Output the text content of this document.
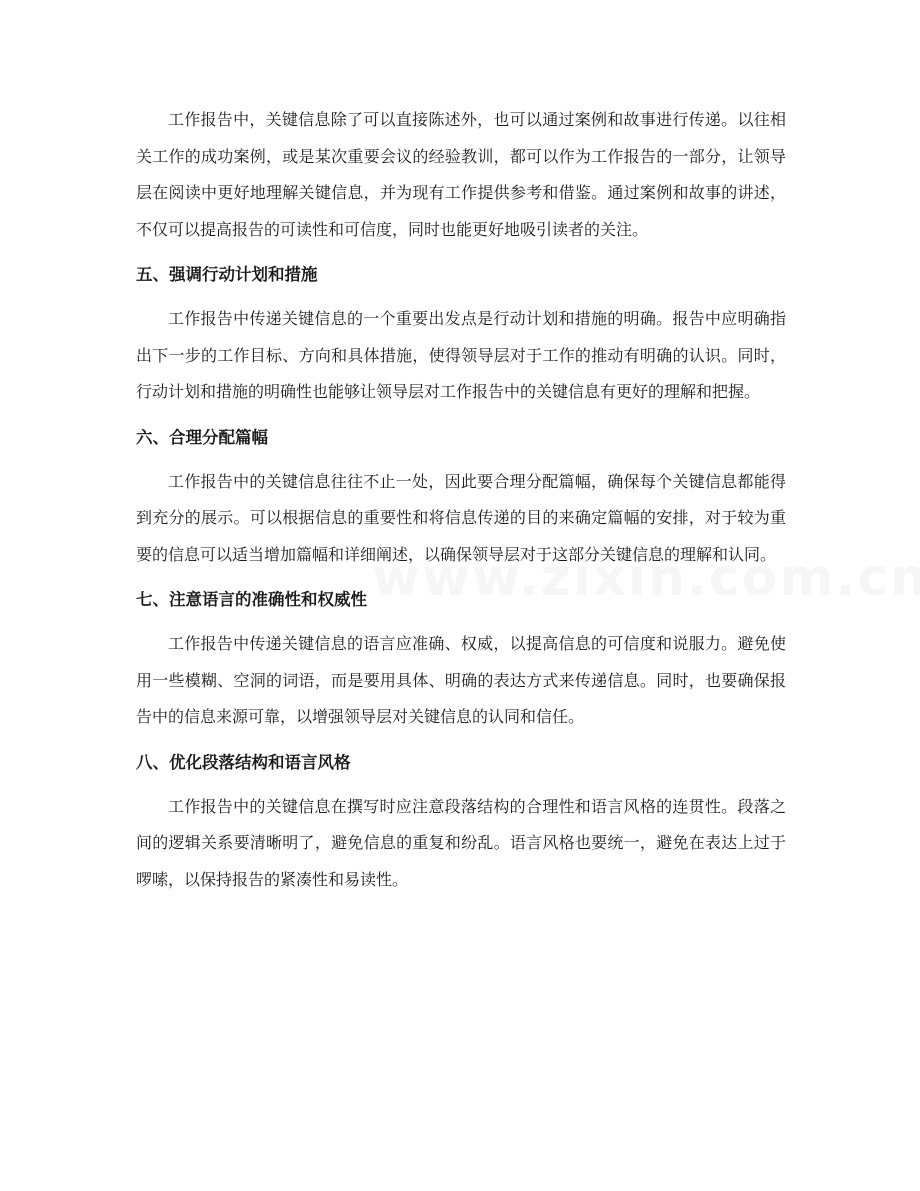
工作报告中，关键信息除了可以直接陈述外，也可以通过案例和故事进行传递。以往相关工作的成功案例，或是某次重要会议的经验教训，都可以作为工作报告的一部分，让领导层在阅读中更好地理解关键信息，并为现有工作提供参考和借鉴。通过案例和故事的讲述，不仅可以提高报告的可读性和可信度，同时也能更好地吸引读者的关注。

五、强调行动计划和措施

工作报告中传递关键信息的一个重要出发点是行动计划和措施的明确。报告中应明确指出下一步的工作目标、方向和具体措施，使得领导层对于工作的推动有明确的认识。同时，行动计划和措施的明确性也能够让领导层对工作报告中的关键信息有更好的理解和把握。

六、合理分配篇幅

工作报告中的关键信息往往不止一处，因此要合理分配篇幅，确保每个关键信息都能得到充分的展示。可以根据信息的重要性和将信息传递的目的来确定篇幅的安排，对于较为重要的信息可以适当增加篇幅和详细阐述，以确保领导层对于这部分关键信息的理解和认同。

七、注意语言的准确性和权威性

工作报告中传递关键信息的语言应准确、权威，以提高信息的可信度和说服力。避免使用一些模糊、空洞的词语，而是要用具体、明确的表达方式来传递信息。同时，也要确保报告中的信息来源可靠，以增强领导层对关键信息的认同和信任。

八、优化段落结构和语言风格

工作报告中的关键信息在撰写时应注意段落结构的合理性和语言风格的连贯性。段落之间的逻辑关系要清晰明了，避免信息的重复和纷乱。语言风格也要统一，避免在表达上过于啰嗦，以保持报告的紧凑性和易读性。
